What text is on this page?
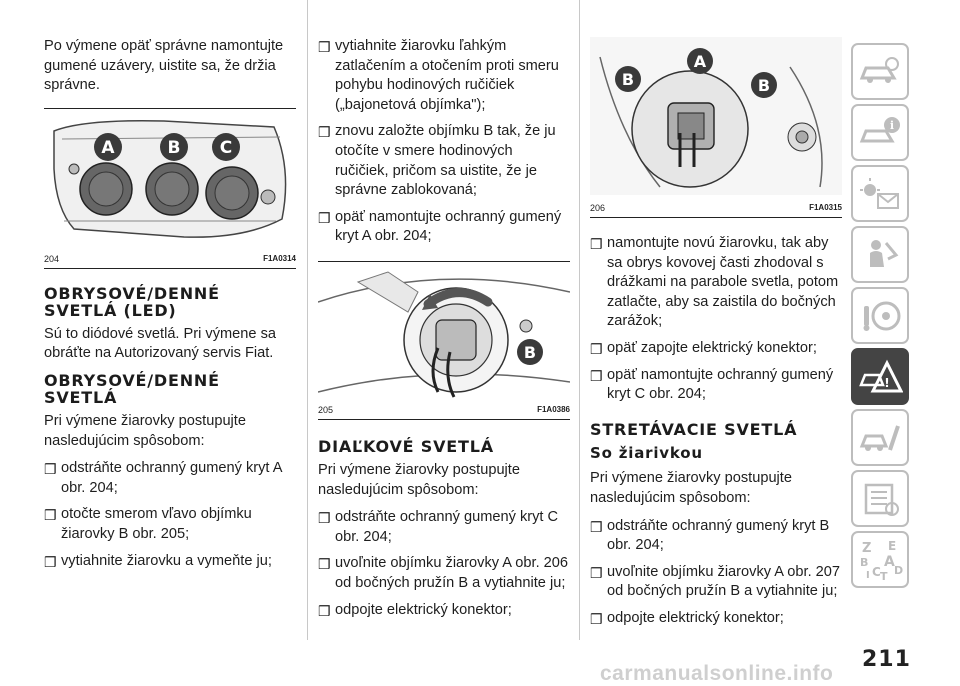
Po výmene opäť správne namontujte gumené uzávery, uistite sa, že držia správne.

A	B C
204	F1A0314
OBRYSOVÉ/DENNÉ
SVETLÁ (LED)

Sú to diódové svetlá. Pri výmene sa obráťte na Autorizovaný servis Fiat.

OBRYSOVÉ/DENNÉ
SVETLÁ

Pri výmene žiarovky postupujte nasledujúcim spôsobom:

❒ odstráňte ochranný gumený kryt A obr. 204;
❒ otočte smerom vľavo objímku žiarovky B obr. 205;
❒ vytiahnite žiarovku a vymeňte ju;
❒ vytiahnite žiarovku ľahkým zatlačením a otočením proti smeru pohybu hodinových ručičiek („bajonetová objímka");
❒ znovu založte objímku B tak, že ju otočíte v smere hodinových ručičiek, pričom sa uistite, že je správne zablokovaná;
❒ opäť namontujte ochranný gumený kryt A obr. 204;
B
205	F1A0386
DIAĽKOVÉ SVETLÁ

Pri výmene žiarovky postupujte nasledujúcim spôsobom:

❒ odstráňte ochranný gumený kryt C obr. 204;
❒ uvoľnite objímku žiarovky A obr. 206 od bočných pružín B a vytiahnite ju;
❒ odpojte elektrický konektor;
B
A
B
206	F1A0315
❒ namontujte novú žiarovku, tak aby sa obrys kovovej časti zhodoval s drážkami na parabole svetla, potom zatlačte, aby sa zaistila do bočných zarážok;
❒ opäť zapojte elektrický konektor;
❒ opäť namontujte ochranný gumený kryt C obr. 204;
STRETÁVACIE SVETLÁ
So žiarivkou

Pri výmene žiarovky postupujte nasledujúcim spôsobom:

❒ odstráňte ochranný gumený kryt B obr. 204;
❒ uvoľnite objímku žiarovky A obr. 207 od bočných pružín B a vytiahnite ju;
❒ odpojte elektrický konektor;
i
!
Z E
B A
I C T D
211
carmanualsonline.info
